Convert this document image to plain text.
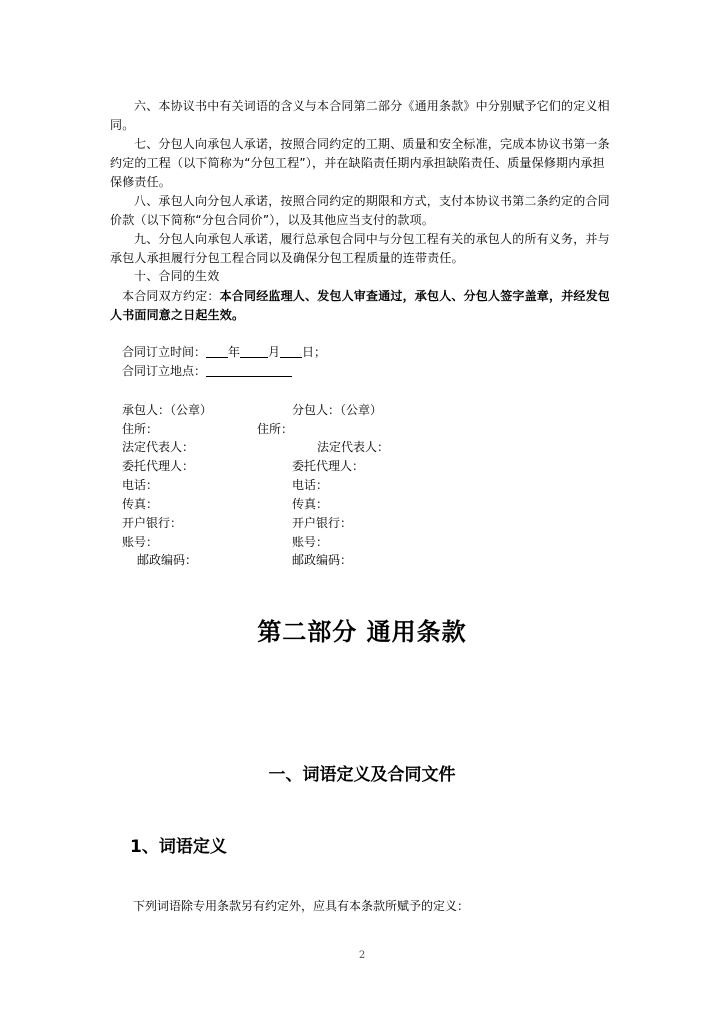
六、本协议书中有关词语的含义与本合同第二部分《通用条款》中分别赋予它们的定义相同。
七、分包人向承包人承诺，按照合同约定的工期、质量和安全标准，完成本协议书第一条约定的工程（以下简称为“分包工程”），并在缺陷责任期内承担缺陷责任、质量保修期内承担保修责任。
八、承包人向分包人承诺，按照合同约定的期限和方式，支付本协议书第二条约定的合同价款（以下简称“分包合同价”），以及其他应当支付的款项。
九、分包人向承包人承诺，履行总承包合同中与分包工程有关的承包人的所有义务，并与承包人承担履行分包工程合同以及确保分包工程质量的连带责任。
十、合同的生效
本合同双方约定：本合同经监理人、发包人审查通过，承包人、分包人签字盖章，并经发包人书面同意之日起生效。
合同订立时间： 年 月 日；
合同订立地点：
承包人：（公章）	分包人：（公章）
住所：	住所：
法定代表人：	法定代表人：
委托代理人：	委托代理人：
电话：	电话：
传真：	传真：
开户银行：	开户银行：
账号：	账号：
邮政编码：	邮政编码：
第二部分 通用条款
一、词语定义及合同文件
1、词语定义
下列词语除专用条款另有约定外，应具有本条款所赋予的定义：
2
